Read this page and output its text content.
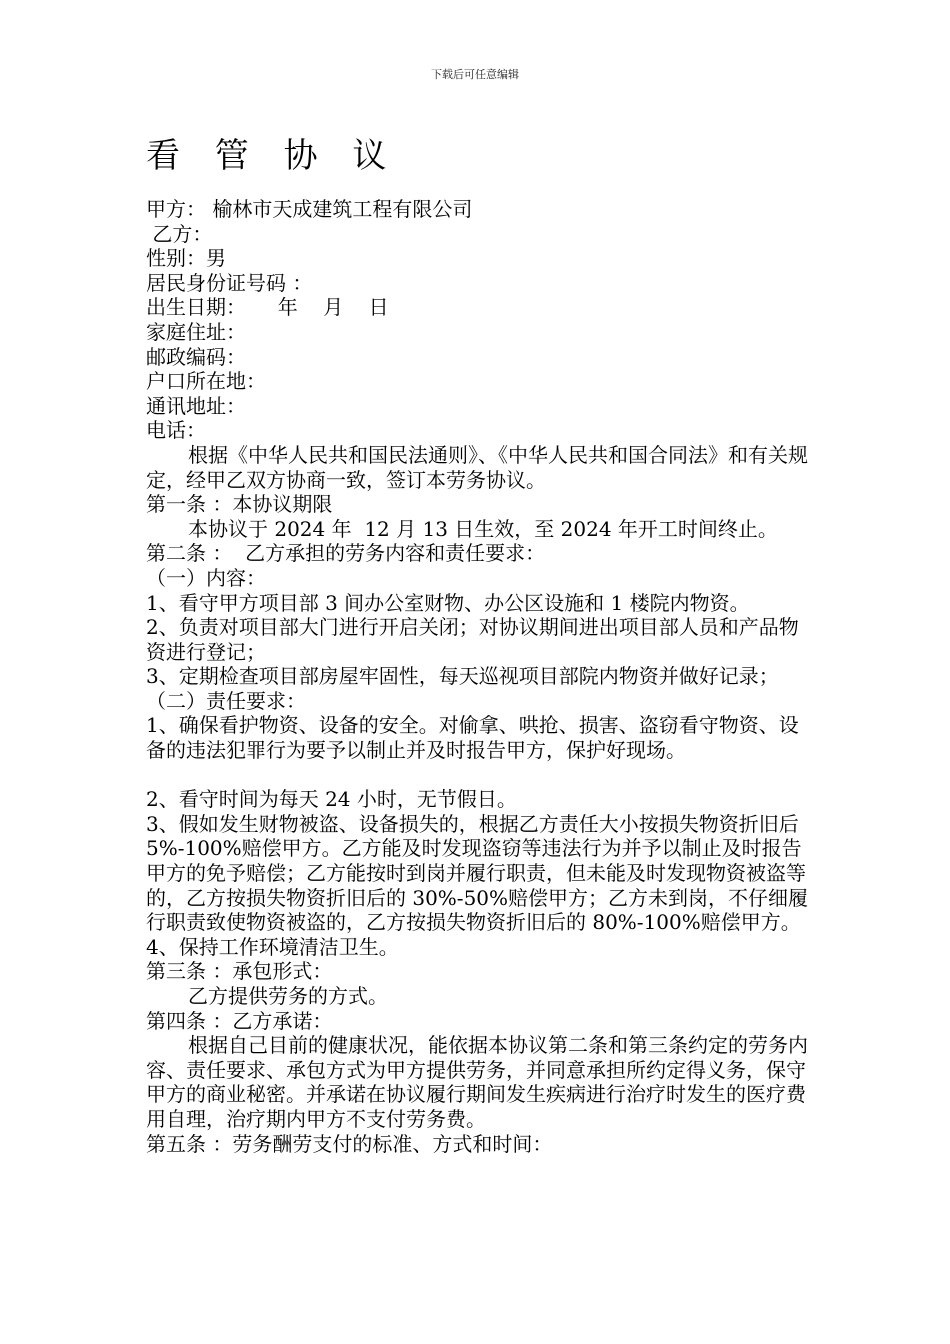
下载后可任意编辑
看 管 协 议

甲方： 榆林市天成建筑工程有限公司

乙方：

性别：男

居民身份证号码 ：

出生日期：     年    月    日

家庭住址：

邮政编码：

户口所在地：

通讯地址：

电话：

根据《中华人民共和国民法通则》、《中华人民共和国合同法》和有关规定，经甲乙双方协商一致，签订本劳务协议。

第一条 ：本协议期限

本协议于 2024 年  12 月 13 日生效，至 2024 年开工时间终止。

第二条 ：  乙方承担的劳务内容和责任要求：

（一）内容：

1、看守甲方项目部 3 间办公室财物、办公区设施和 1 楼院内物资。

2、负责对项目部大门进行开启关闭；对协议期间进出项目部人员和产品物资进行登记；

3、定期检查项目部房屋牢固性，每天巡视项目部院内物资并做好记录；

（二）责任要求：

1、确保看护物资、设备的安全。对偷拿、哄抢、损害、盗窃看守物资、设备的违法犯罪行为要予以制止并及时报告甲方，保护好现场。

2、看守时间为每天 24 小时，无节假日。

3、假如发生财物被盗、设备损失的，根据乙方责任大小按损失物资折旧后 5%-100%赔偿甲方。乙方能及时发现盗窃等违法行为并予以制止及时报告甲方的免予赔偿；乙方能按时到岗并履行职责，但未能及时发现物资被盗等的，乙方按损失物资折旧后的 30%-50%赔偿甲方；乙方未到岗，不仔细履行职责致使物资被盗的，乙方按损失物资折旧后的 80%-100%赔偿甲方。

4、保持工作环境清洁卫生。

第三条 ：承包形式：

乙方提供劳务的方式。

第四条 ：乙方承诺：

根据自己目前的健康状况，能依据本协议第二条和第三条约定的劳务内容、责任要求、承包方式为甲方提供劳务，并同意承担所约定得义务，保守甲方的商业秘密。并承诺在协议履行期间发生疾病进行治疗时发生的医疗费用自理，治疗期内甲方不支付劳务费。

第五条 ：劳务酬劳支付的标准、方式和时间：
